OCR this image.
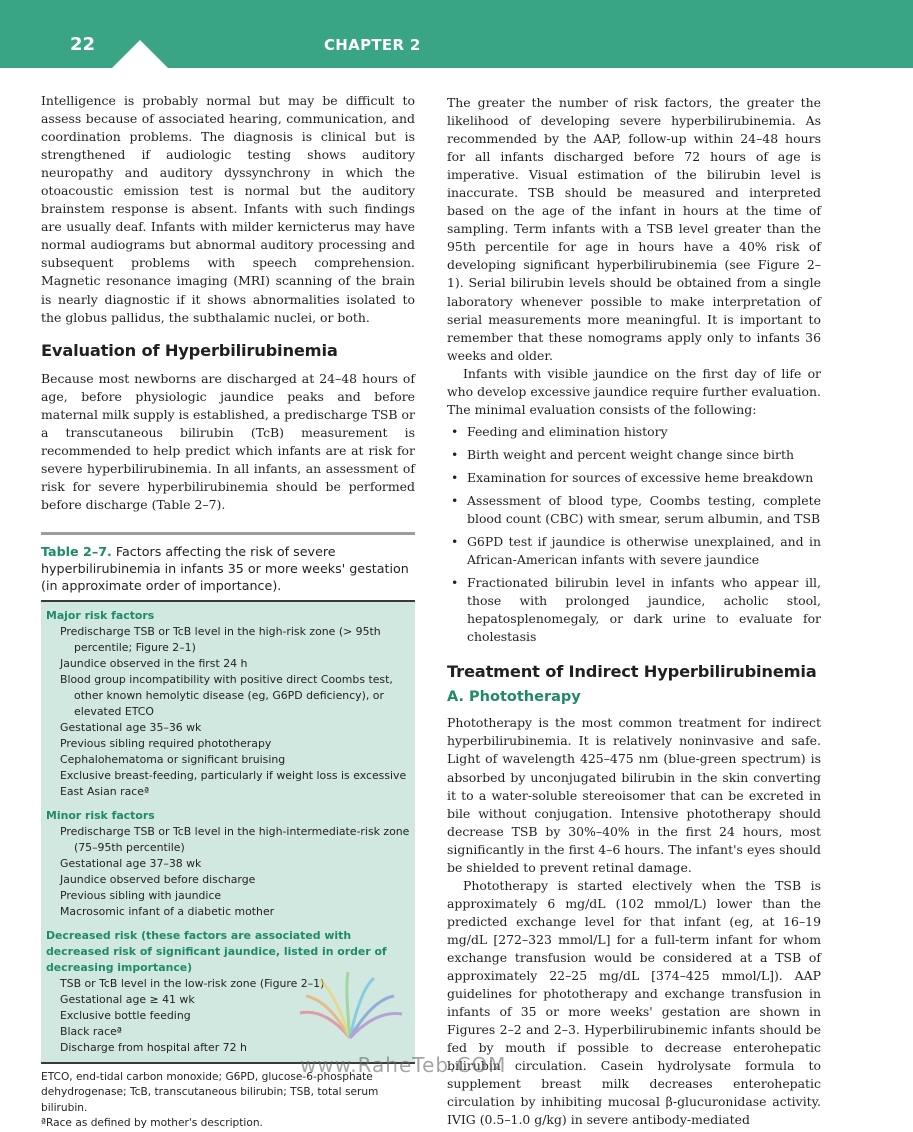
22	CHAPTER 2

Intelligence is probably normal but may be difficult to assess because of associated hearing, communication, and coordination problems. The diagnosis is clinical but is strengthened if audiologic testing shows auditory neuropathy and auditory dyssynchrony in which the otoacoustic emission test is normal but the auditory brainstem response is absent. Infants with such findings are usually deaf. Infants with milder kernicterus may have normal audiograms but abnormal auditory processing and subsequent problems with speech comprehension. Magnetic resonance imaging (MRI) scanning of the brain is nearly diagnostic if it shows abnormalities isolated to the globus pallidus, the subthalamic nuclei, or both.

Evaluation of Hyperbilirubinemia

Because most newborns are discharged at 24–48 hours of age, before physiologic jaundice peaks and before maternal milk supply is established, a predischarge TSB or a transcutaneous bilirubin (TcB) measurement is recommended to help predict which infants are at risk for severe hyperbilirubinemia. In all infants, an assessment of risk for severe hyperbilirubinemia should be performed before discharge (Table 2–7).

Table 2–7. Factors affecting the risk of severe hyperbilirubinemia in infants 35 or more weeks' gestation (in approximate order of importance).
Major risk factors
Predischarge TSB or TcB level in the high-risk zone (> 95th percentile; Figure 2–1)
Jaundice observed in the first 24 h
Blood group incompatibility with positive direct Coombs test, other known hemolytic disease (eg, G6PD deficiency), or elevated ETCO
Gestational age 35–36 wk
Previous sibling required phototherapy
Cephalohematoma or significant bruising
Exclusive breast-feeding, particularly if weight loss is excessive
East Asian raceª
Minor risk factors
Predischarge TSB or TcB level in the high-intermediate-risk zone (75–95th percentile)
Gestational age 37–38 wk
Jaundice observed before discharge
Previous sibling with jaundice
Macrosomic infant of a diabetic mother
Decreased risk (these factors are associated with decreased risk of significant jaundice, listed in order of decreasing importance)
TSB or TcB level in the low-risk zone (Figure 2–1)
Gestational age ≥ 41 wk
Exclusive bottle feeding
Black raceª
Discharge from hospital after 72 h
ETCO, end-tidal carbon monoxide; G6PD, glucose-6-phosphate dehydrogenase; TcB, transcutaneous bilirubin; TSB, total serum bilirubin.
ªRace as defined by mother's description.

The greater the number of risk factors, the greater the likelihood of developing severe hyperbilirubinemia. As recommended by the AAP, follow-up within 24–48 hours for all infants discharged before 72 hours of age is imperative. Visual estimation of the bilirubin level is inaccurate. TSB should be measured and interpreted based on the age of the infant in hours at the time of sampling. Term infants with a TSB level greater than the 95th percentile for age in hours have a 40% risk of developing significant hyperbilirubinemia (see Figure 2–1). Serial bilirubin levels should be obtained from a single laboratory whenever possible to make interpretation of serial measurements more meaningful. It is important to remember that these nomograms apply only to infants 36 weeks and older.

Infants with visible jaundice on the first day of life or who develop excessive jaundice require further evaluation. The minimal evaluation consists of the following:

• Feeding and elimination history
• Birth weight and percent weight change since birth
• Examination for sources of excessive heme breakdown
• Assessment of blood type, Coombs testing, complete blood count (CBC) with smear, serum albumin, and TSB
• G6PD test if jaundice is otherwise unexplained, and in African-American infants with severe jaundice
• Fractionated bilirubin level in infants who appear ill, those with prolonged jaundice, acholic stool, hepatosplenomegaly, or dark urine to evaluate for cholestasis
Treatment of Indirect Hyperbilirubinemia
A. Phototherapy

Phototherapy is the most common treatment for indirect hyperbilirubinemia. It is relatively noninvasive and safe. Light of wavelength 425–475 nm (blue-green spectrum) is absorbed by unconjugated bilirubin in the skin converting it to a water-soluble stereoisomer that can be excreted in bile without conjugation. Intensive phototherapy should decrease TSB by 30%–40% in the first 24 hours, most significantly in the first 4–6 hours. The infant's eyes should be shielded to prevent retinal damage.

Phototherapy is started electively when the TSB is approximately 6 mg/dL (102 mmol/L) lower than the predicted exchange level for that infant (eg, at 16–19 mg/dL [272–323 mmol/L] for a full-term infant for whom exchange transfusion would be considered at a TSB of approximately 22–25 mg/dL [374–425 mmol/L]). AAP guidelines for phototherapy and exchange transfusion in infants of 35 or more weeks' gestation are shown in Figures 2–2 and 2–3. Hyperbilirubinemic infants should be fed by mouth if possible to decrease enterohepatic bilirubin circulation. Casein hydrolysate formula to supplement breast milk decreases enterohepatic circulation by inhibiting mucosal β-glucuronidase activity. IVIG (0.5–1.0 g/kg) in severe antibody-mediated

www.RaheTeb.COM
